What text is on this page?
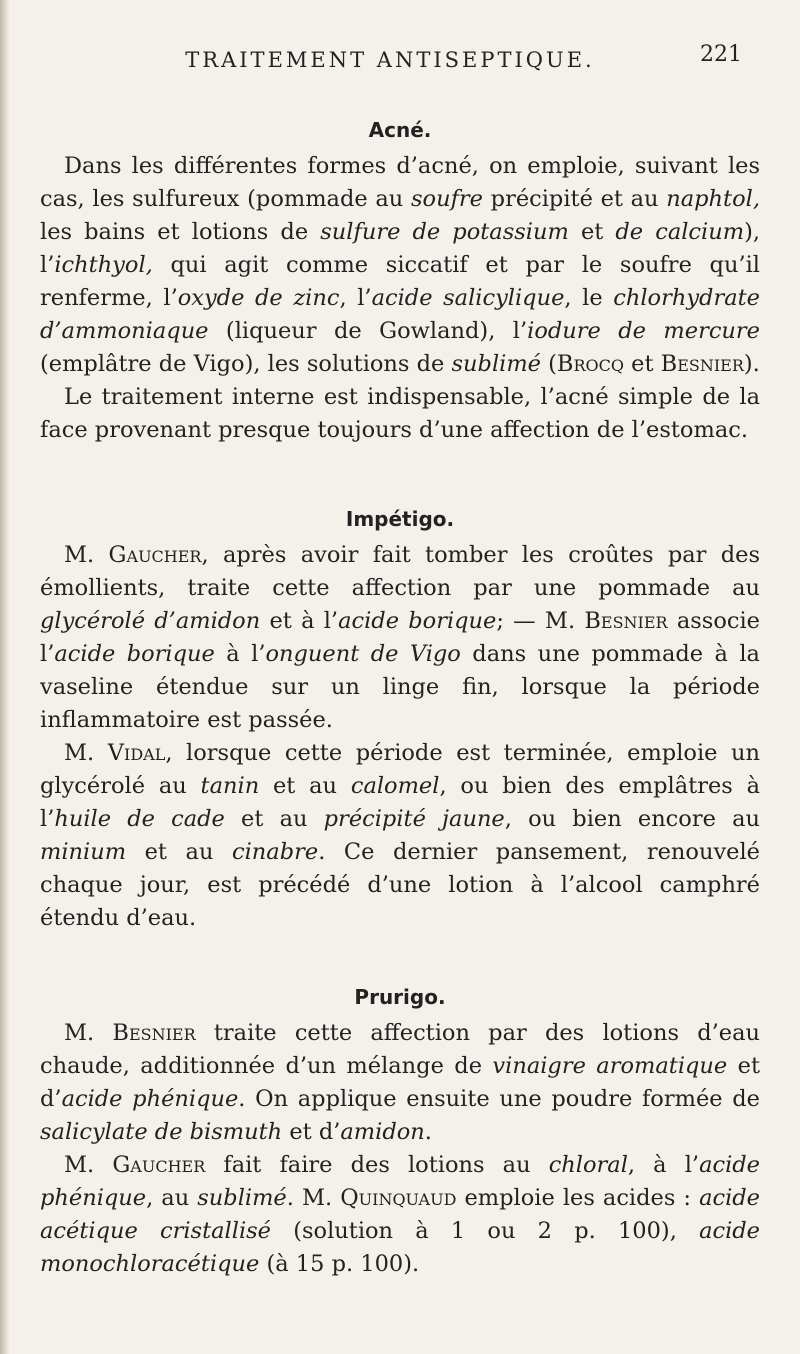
TRAITEMENT ANTISEPTIQUE.	221
Acné.

Dans les différentes formes d’acné, on emploie, suivant les cas, les sulfureux (pommade au soufre précipité et au naphtol, les bains et lotions de sulfure de potassium et de calcium), l’ichthyol, qui agit comme siccatif et par le soufre qu’il renferme, l’oxyde de zinc, l’acide salicylique, le chlorhydrate d’ammoniaque (liqueur de Gowland), l’iodure de mercure (emplâtre de Vigo), les solutions de sublimé (Brocq et Besnier).

Le traitement interne est indispensable, l’acné simple de la face provenant presque toujours d’une affection de l’estomac.

Impétigo.

M. Gaucher, après avoir fait tomber les croûtes par des émollients, traite cette affection par une pommade au glycérolé d’amidon et à l’acide borique; — M. Besnier associe l’acide borique à l’onguent de Vigo dans une pommade à la vaseline étendue sur un linge fin, lorsque la période inflammatoire est passée.

M. Vidal, lorsque cette période est terminée, emploie un glycérolé au tanin et au calomel, ou bien des emplâtres à l’huile de cade et au précipité jaune, ou bien encore au minium et au cinabre. Ce dernier pansement, renouvelé chaque jour, est précédé d’une lotion à l’alcool camphré étendu d’eau.

Prurigo.

M. Besnier traite cette affection par des lotions d’eau chaude, additionnée d’un mélange de vinaigre aromatique et d’acide phénique. On applique ensuite une poudre formée de salicylate de bismuth et d’amidon.

M. Gaucher fait faire des lotions au chloral, à l’acide phénique, au sublimé. M. Quinquaud emploie les acides : acide acétique cristallisé (solution à 1 ou 2 p. 100), acide monochloracétique (à 15 p. 100).
